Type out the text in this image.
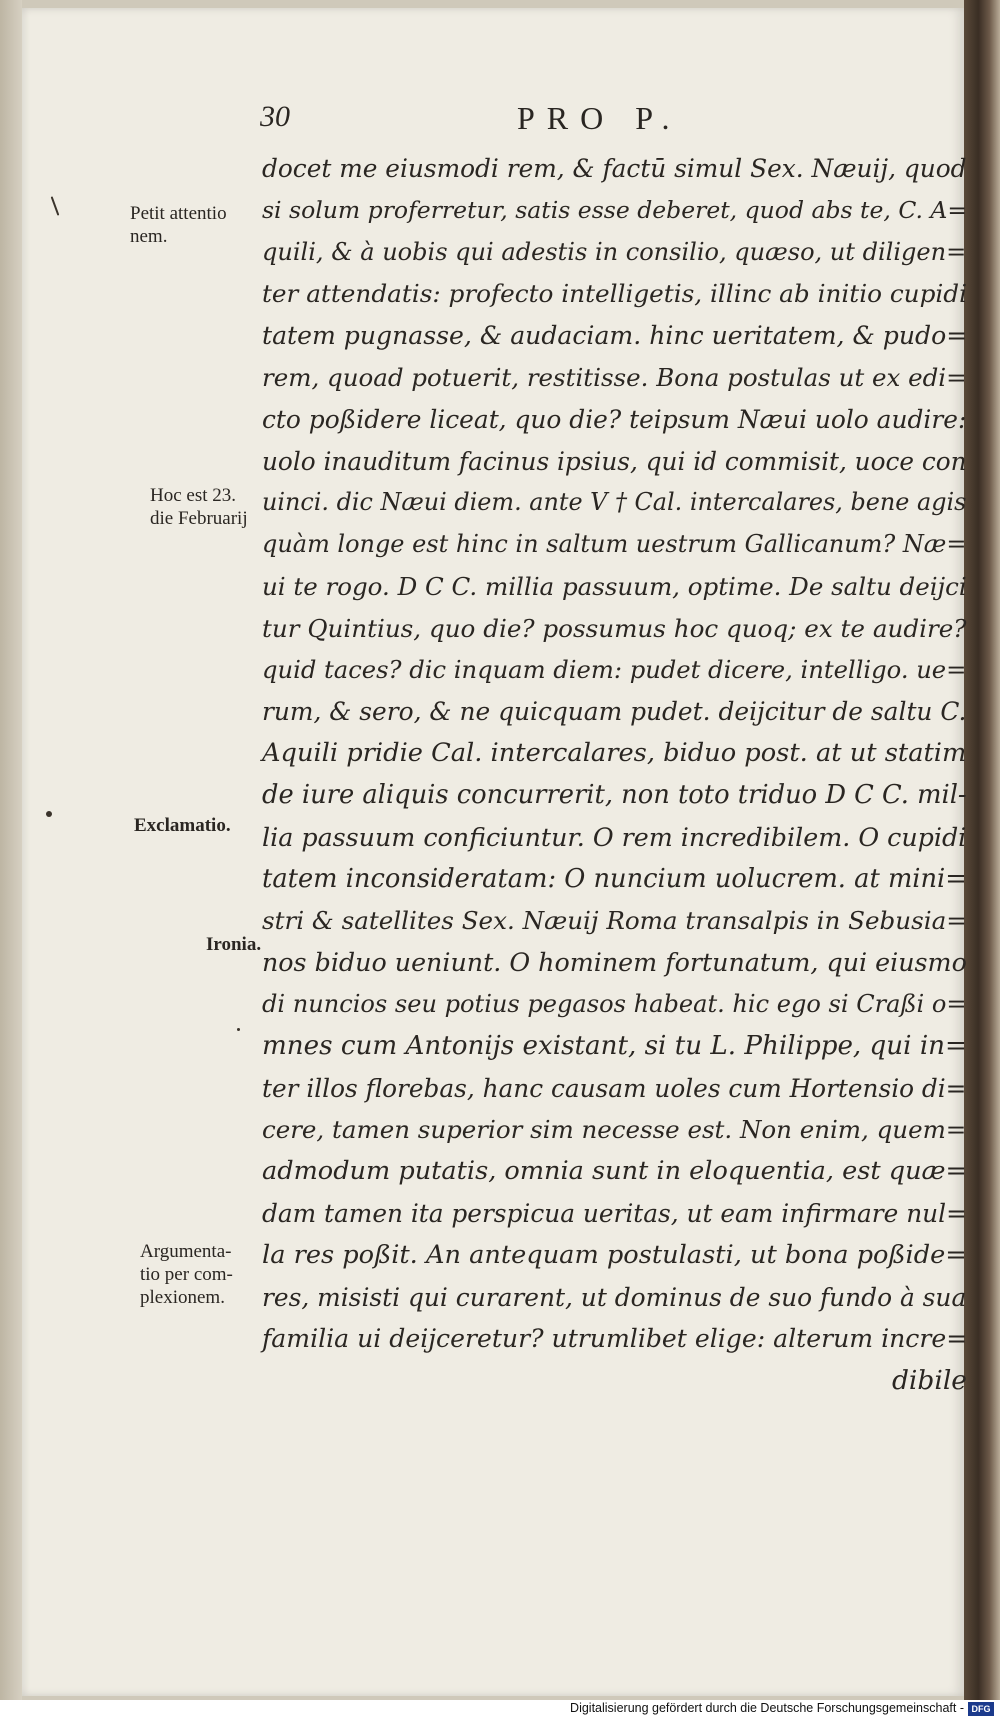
30	PRO P.
docet me eiusmodi rem, & factū simul Sex. Næuij, quod
si solum proferretur, satis esse deberet, quod abs te, C. A=
quili, & à uobis qui adestis in consilio, quæso, ut diligen=
ter attendatis: profecto intelligetis, illinc ab initio cupidi
tatem pugnasse, & audaciam. hinc ueritatem, & pudo=
rem, quoad potuerit, restitisse. Bona postulas ut ex edi=
cto poßidere liceat, quo die? teipsum Næui uolo audire:
uolo inauditum facinus ipsius, qui id commisit, uoce con
uinci. dic Næui diem. ante V † Cal. intercalares, bene agis
quàm longe est hinc in saltum uestrum Gallicanum? Næ=
ui te rogo. D C C. millia passuum, optime. De saltu deijci
tur Quintius, quo die? possumus hoc quoq; ex te audire?
quid taces? dic inquam diem: pudet dicere, intelligo. ue=
rum, & sero, & ne quicquam pudet. deijcitur de saltu C.
Aquili pridie Cal. intercalares, biduo post. at ut statim
de iure aliquis concurrerit, non toto triduo D C C. mil-
lia passuum conficiuntur. O rem incredibilem. O cupidi
tatem inconsideratam: O nuncium uolucrem. at mini=
stri & satellites Sex. Næuij Roma transalpis in Sebusia=
nos biduo ueniunt. O hominem fortunatum, qui eiusmo
di nuncios seu potius pegasos habeat. hic ego si Craßi o=
mnes cum Antonijs existant, si tu L. Philippe, qui in=
ter illos florebas, hanc causam uoles cum Hortensio di=
cere, tamen superior sim necesse est. Non enim, quem=
admodum putatis, omnia sunt in eloquentia, est quæ=
dam tamen ita perspicua ueritas, ut eam infirmare nul=
la res poßit. An antequam postulasti, ut bona poßide=
res, misisti qui curarent, ut dominus de suo fundo à sua
familia ui deijceretur? utrumlibet elige: alterum incre=
dibile
Petit attentio
nem.
Hoc est 23.
die Februarij
Exclamatio.
Ironia.
Argumenta-
tio per com-
plexionem.
Digitalisierung gefördert durch die Deutsche Forschungsgemeinschaft - DFG
